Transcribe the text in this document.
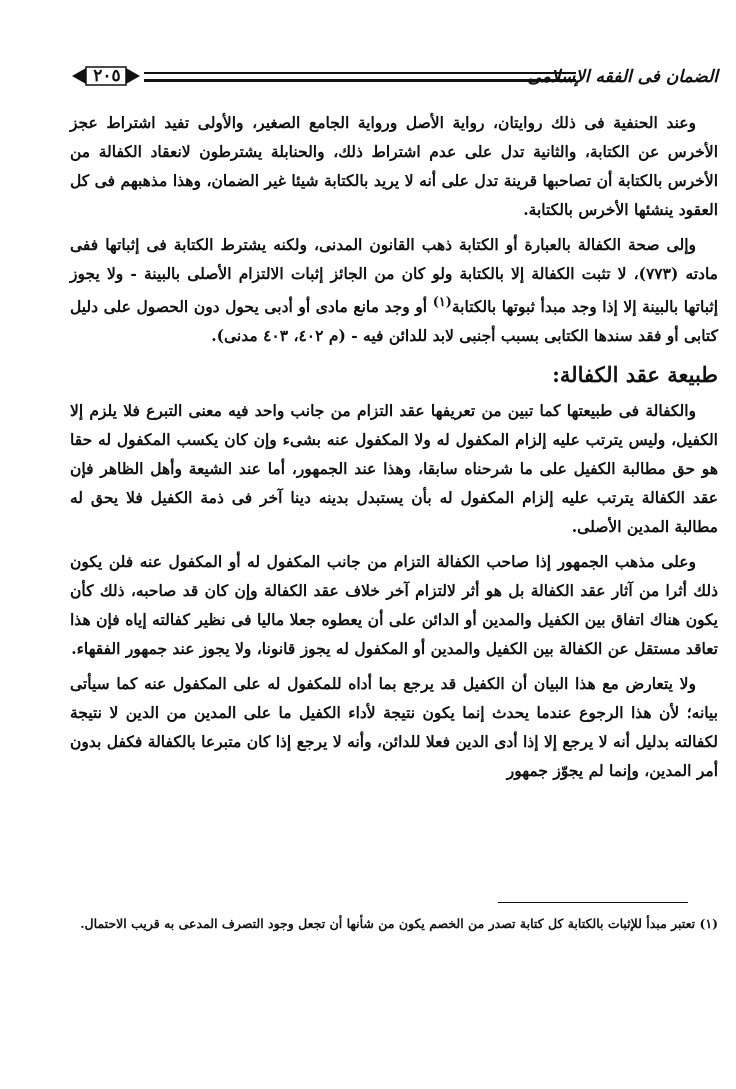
الضمان فى الفقه الإسلامى
٢٠٥

وعند الحنفية فى ذلك روايتان، رواية الأصل ورواية الجامع الصغير، والأولى تفيد اشتراط عجز الأخرس عن الكتابة، والثانية تدل على عدم اشتراط ذلك، والحنابلة يشترطون لانعقاد الكفالة من الأخرس بالكتابة أن تصاحبها قرينة تدل على أنه لا يريد بالكتابة شيئا غير الضمان، وهذا مذهبهم فى كل العقود ينشئها الأخرس بالكتابة.

وإلى صحة الكفالة بالعبارة أو الكتابة ذهب القانون المدنى، ولكنه يشترط الكتابة فى إثباتها ففى مادته (٧٧٣)، لا تثبت الكفالة إلا بالكتابة ولو كان من الجائز إثبات الالتزام الأصلى بالبينة - ولا يجوز إثباتها بالبينة إلا إذا وجد مبدأ ثبوتها بالكتابة$^{(١)}$ أو وجد مانع مادى أو أدبى يحول دون الحصول على دليل كتابى أو فقد سندها الكتابى بسبب أجنبى لابد للدائن فيه - (م ٤٠٢، ٤٠٣ مدنى).

طبيعة عقد الكفالة:

والكفالة فى طبيعتها كما تبين من تعريفها عقد التزام من جانب واحد فيه معنى التبرع فلا يلزم إلا الكفيل، وليس يترتب عليه إلزام المكفول له ولا المكفول عنه بشىء وإن كان يكسب المكفول له حقا هو حق مطالبة الكفيل على ما شرحناه سابقا، وهذا عند الجمهور، أما عند الشيعة وأهل الظاهر فإن عقد الكفالة يترتب عليه إلزام المكفول له بأن يستبدل بدينه دينا آخر فى ذمة الكفيل فلا يحق له مطالبة المدين الأصلى.

وعلى مذهب الجمهور إذا صاحب الكفالة التزام من جانب المكفول له أو المكفول عنه فلن يكون ذلك أثرا من آثار عقد الكفالة بل هو أثر لالتزام آخر خلاف عقد الكفالة وإن كان قد صاحبه، ذلك كأن يكون هناك اتفاق بين الكفيل والمدين أو الدائن على أن يعطوه جعلا ماليا فى نظير كفالته إياه فإن هذا تعاقد مستقل عن الكفالة بين الكفيل والمدين أو المكفول له يجوز قانونا، ولا يجوز عند جمهور الفقهاء.

ولا يتعارض مع هذا البيان أن الكفيل قد يرجع بما أداه للمكفول له على المكفول عنه كما سيأتى بيانه؛ لأن هذا الرجوع عندما يحدث إنما يكون نتيجة لأداء الكفيل ما على المدين من الدين لا نتيجة لكفالته بدليل أنه لا يرجع إلا إذا أدى الدين فعلا للدائن، وأنه لا يرجع إذا كان متبرعا بالكفالة فكفل بدون أمر المدين، وإنما لم يجوّز جمهور

(١) تعتبر مبدأ للإثبات بالكتابة كل كتابة تصدر من الخصم يكون من شأنها أن تجعل وجود التصرف المدعى به قريب الاحتمال.
